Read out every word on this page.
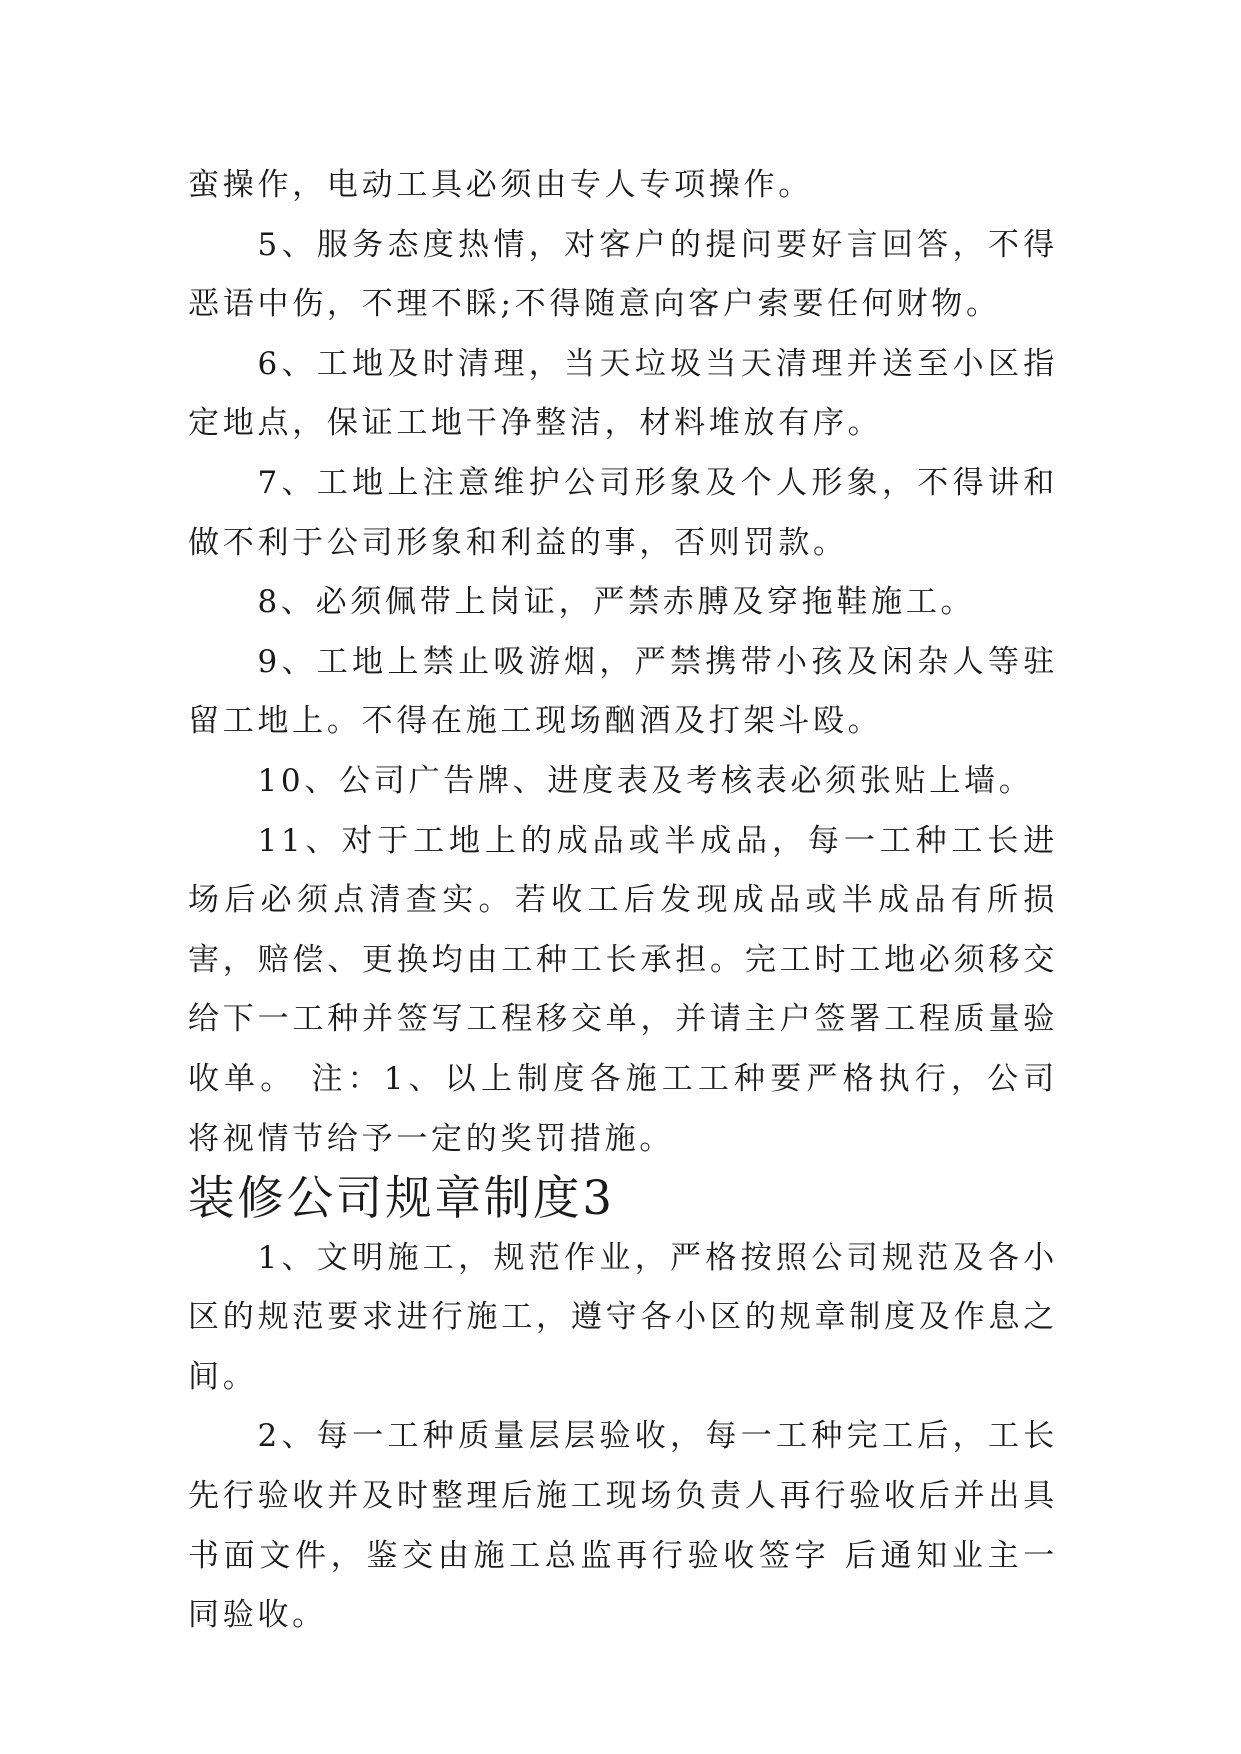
蛮操作，电动工具必须由专人专项操作。

5、服务态度热情，对客户的提问要好言回答，不得恶语中伤，不理不睬;不得随意向客户索要任何财物。

6、工地及时清理，当天垃圾当天清理并送至小区指定地点，保证工地干净整洁，材料堆放有序。

7、工地上注意维护公司形象及个人形象，不得讲和做不利于公司形象和利益的事，否则罚款。

8、必须佩带上岗证，严禁赤膊及穿拖鞋施工。

9、工地上禁止吸游烟，严禁携带小孩及闲杂人等驻留工地上。不得在施工现场酗酒及打架斗殴。

10、公司广告牌、进度表及考核表必须张贴上墙。

11、对于工地上的成品或半成品，每一工种工长进场后必须点清查实。若收工后发现成品或半成品有所损害，赔偿、更换均由工种工长承担。完工时工地必须移交给下一工种并签写工程移交单，并请主户签署工程质量验收单。 注：1、以上制度各施工工种要严格执行，公司将视情节给予一定的奖罚措施。

装修公司规章制度3

1、文明施工，规范作业，严格按照公司规范及各小区的规范要求进行施工，遵守各小区的规章制度及作息之间。

2、每一工种质量层层验收，每一工种完工后，工长先行验收并及时整理后施工现场负责人再行验收后并出具书面文件，鉴交由施工总监再行验收签字 后通知业主一同验收。
